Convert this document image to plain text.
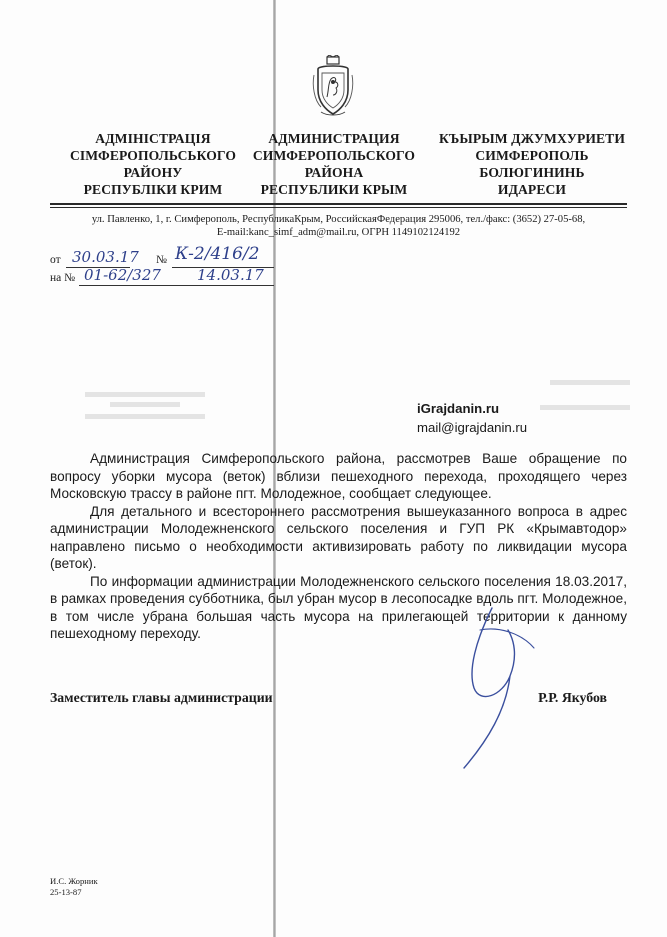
АДМІНІСТРАЦІЯ
СІМФЕРОПОЛЬСЬКОГО
РАЙОНУ
РЕСПУБЛІКИ КРИМ
АДМИНИСТРАЦИЯ
СИМФЕРОПОЛЬСКОГО
РАЙОНА
РЕСПУБЛИКИ КРЫМ
КЪЫРЫМ ДЖУМХУРИЕТИ
СИМФЕРОПОЛЬ
БОЛЮГИНИНЬ
ИДАРЕСИ
ул. Павленко, 1, г. Симферополь, РеспубликаКрым, РоссийскаяФедерация 295006, тел./факс: (3652) 27-05-68,
E-mail:kanc_simf_adm@mail.ru, ОГРН 1149102124192
от 30.03.17 № К-2/416/2
на № 01-62/327 14.03.17
iGrajdanin.ru
mail@igrajdanin.ru

Администрация Симферопольского района, рассмотрев Ваше обращение по вопросу уборки мусора (веток) вблизи пешеходного перехода, проходящего через Московскую трассу в районе пгт. Молодежное, сообщает следующее.

Для детального и всестороннего рассмотрения вышеуказанного вопроса в адрес администрации Молодежненского сельского поселения и ГУП РК «Крымавтодор» направлено письмо о необходимости активизировать работу по ликвидации мусора (веток).

По информации администрации Молодежненского сельского поселения 18.03.2017, в рамках проведения субботника, был убран мусор в лесопосадке вдоль пгт. Молодежное, в том числе убрана большая часть мусора на прилегающей территории к данному пешеходному переходу.

Заместитель главы администрации	Р.Р. Якубов
И.С. Жорник
25-13-87
